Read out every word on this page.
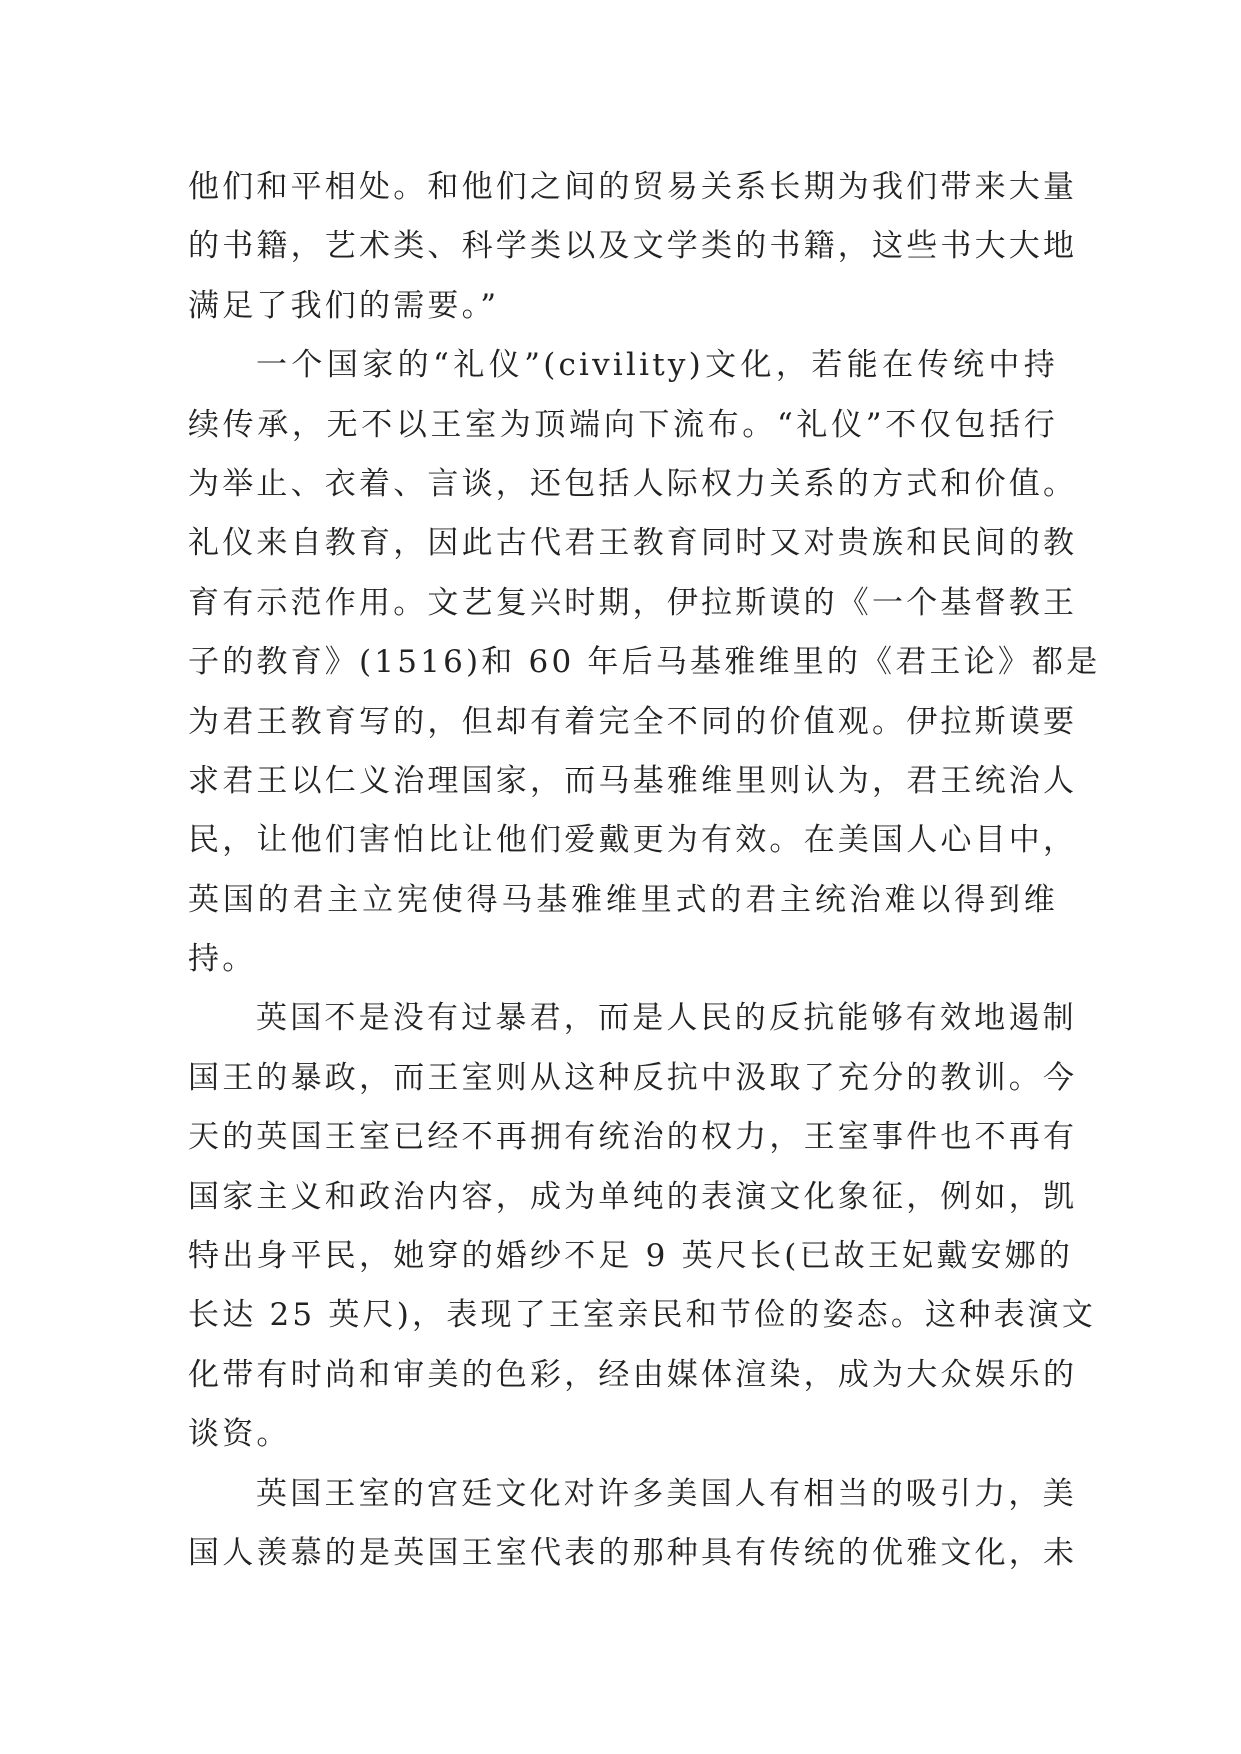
他们和平相处。和他们之间的贸易关系长期为我们带来大量
的书籍，艺术类、科学类以及文学类的书籍，这些书大大地
满足了我们的需要。”
一个国家的“礼仪”(civility)文化，若能在传统中持
续传承，无不以王室为顶端向下流布。“礼仪”不仅包括行
为举止、衣着、言谈，还包括人际权力关系的方式和价值。
礼仪来自教育，因此古代君王教育同时又对贵族和民间的教
育有示范作用。文艺复兴时期，伊拉斯谟的《一个基督教王
子的教育》(1516)和 60 年后马基雅维里的《君王论》都是
为君王教育写的，但却有着完全不同的价值观。伊拉斯谟要
求君王以仁义治理国家，而马基雅维里则认为，君王统治人
民，让他们害怕比让他们爱戴更为有效。在美国人心目中，
英国的君主立宪使得马基雅维里式的君主统治难以得到维
持。
英国不是没有过暴君，而是人民的反抗能够有效地遏制
国王的暴政，而王室则从这种反抗中汲取了充分的教训。今
天的英国王室已经不再拥有统治的权力，王室事件也不再有
国家主义和政治内容，成为单纯的表演文化象征，例如，凯
特出身平民，她穿的婚纱不足 9 英尺长(已故王妃戴安娜的
长达 25 英尺)，表现了王室亲民和节俭的姿态。这种表演文
化带有时尚和审美的色彩，经由媒体渲染，成为大众娱乐的
谈资。
英国王室的宫廷文化对许多美国人有相当的吸引力，美
国人羡慕的是英国王室代表的那种具有传统的优雅文化，未
